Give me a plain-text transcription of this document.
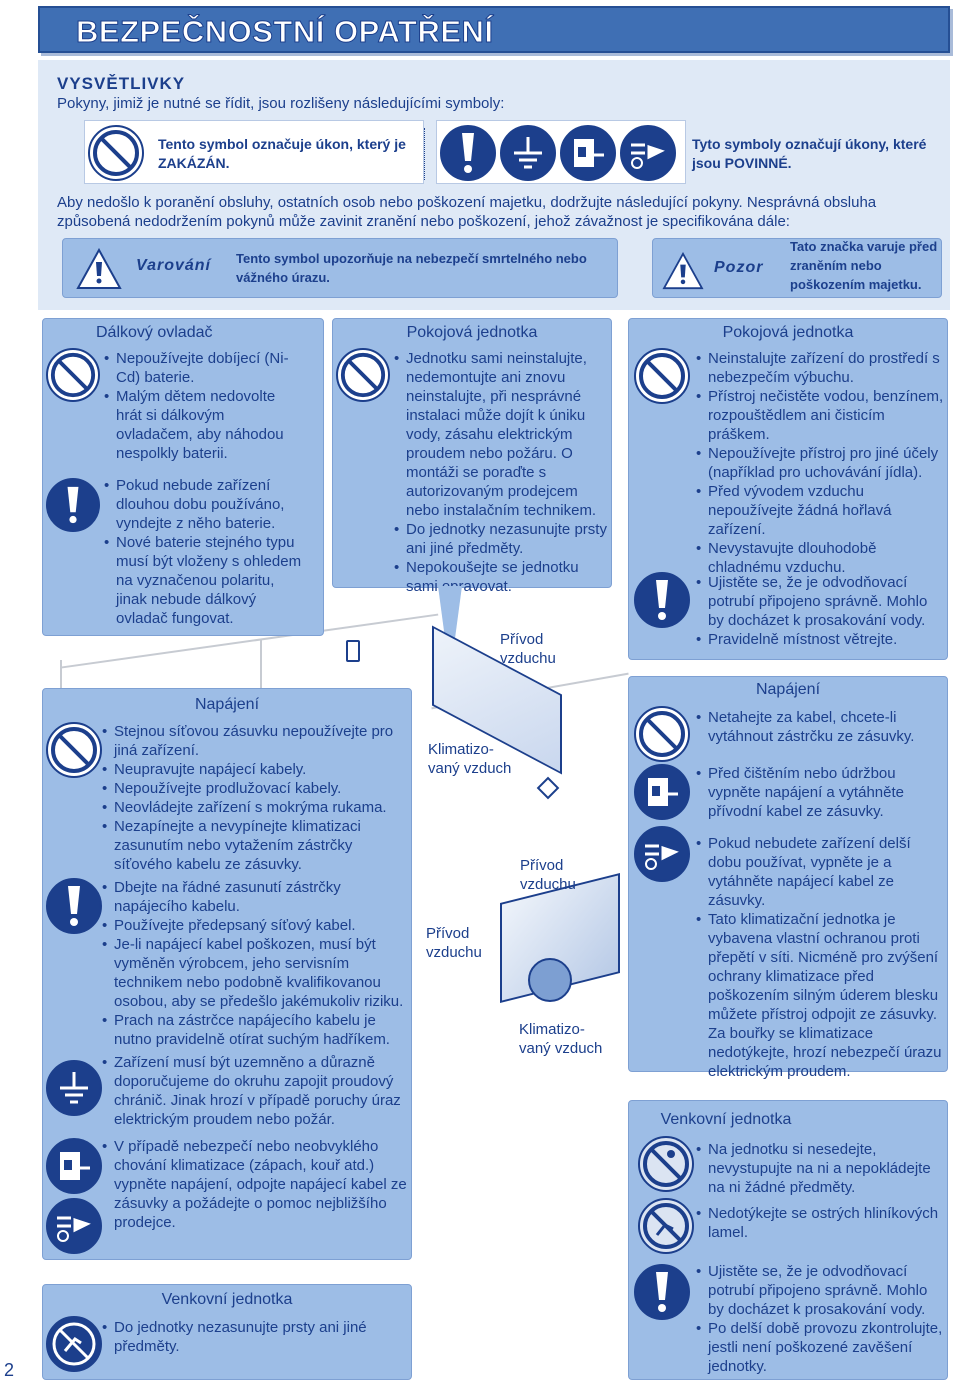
BEZPEČNOSTNÍ OPATŘENÍ
VYSVĚTLIVKY
Pokyny, jimiž je nutné se řídit, jsou rozlišeny následujícími symboly:
Tento symbol označuje úkon, který je ZAKÁZÁN.
Tyto symboly označují úkony, které jsou POVINNÉ.
Aby nedošlo k poranění obsluhy, ostatních osob nebo poškození majetku, dodržujte následující pokyny. Nesprávná obsluha způsobená nedodržením pokynů může zavinit zranění nebo poškození, jehož závažnost je specifikována dále:
Varování Tento symbol upozorňuje na nebezpečí smrtelného nebo vážného úrazu.
Pozor
Tato značka varuje před zraněním nebo poškozením majetku.
Dálkový ovladač
• Nepoužívejte dobíjecí (Ni-Cd) baterie.
• Malým dětem nedovolte hrát si dálkovým ovladačem, aby náhodou nespolkly baterii.
• Pokud nebude zařízení dlouhou dobu používáno, vyndejte z něho baterie.
• Nové baterie stejného typu musí být vloženy s ohledem na vyznačenou polaritu, jinak nebude dálkový ovladač fungovat.
Pokojová jednotka
• Jednotku sami neinstalujte, nedemontujte ani znovu neinstalujte, při nesprávné instalaci může dojít k úniku vody, zásahu elektrickým proudem nebo požáru. O montáži se poraďte s autorizovaným prodejcem nebo instalačním technikem.
• Do jednotky nezasunujte prsty ani jiné předměty.
• Nepokoušejte se jednotku sami opravovat.
Pokojová jednotka
• Neinstalujte zařízení do prostředí s nebezpečím výbuchu.
• Přístroj nečistěte vodou, benzínem, rozpouštědlem ani čisticím práškem.
• Nepoužívejte přístroj pro jiné účely (například pro uchovávání jídla).
• Před vývodem vzduchu nepoužívejte žádná hořlavá zařízení.
• Nevystavujte dlouhodobě chladnému vzduchu.
• Ujistěte se, že je odvodňovací potrubí připojeno správně. Mohlo by docházet k prosakování vody.
• Pravidelně místnost větrejte.
Napájení
• Stejnou síťovou zásuvku nepoužívejte pro jiná zařízení.
• Neupravujte napájecí kabely.
• Nepoužívejte prodlužovací kabely.
• Neovládejte zařízení s mokrýma rukama.
• Nezapínejte a nevypínejte klimatizaci zasunutím nebo vytažením zástrčky síťového kabelu ze zásuvky.
• Dbejte na řádné zasunutí zástrčky napájecího kabelu.
• Používejte předepsaný síťový kabel.
• Je-li napájecí kabel poškozen, musí být vyměněn výrobcem, jeho servisním technikem nebo podobně kvalifikovanou osobou, aby se předešlo jakémukoliv riziku.
• Prach na zástrčce napájecího kabelu je nutno pravidelně otírat suchým hadříkem.
• Zařízení musí být uzemněno a důrazně doporučujeme do okruhu zapojit proudový chránič. Jinak hrozí v případě poruchy úraz elektrickým proudem nebo požár.
• V případě nebezpečí nebo neobvyklého chování klimatizace (zápach, kouř atd.) vypněte napájení, odpojte napájecí kabel ze zásuvky a požádejte o pomoc nejbližšího prodejce.
Venkovní jednotka
• Do jednotky nezasunujte prsty ani jiné předměty.
Přívod vzduchu
Klimatizo-vaný vzduch
Přívod vzduchu
Přívod vzduchu
Klimatizo-vaný vzduch
Napájení
• Netahejte za kabel, chcete-li vytáhnout zástrčku ze zásuvky.
• Před čištěním nebo údržbou vypněte napájení a vytáhněte přívodní kabel ze zásuvky.
• Pokud nebudete zařízení delší dobu používat, vypněte je a vytáhněte napájecí kabel ze zásuvky.
• Tato klimatizační jednotka je vybavena vlastní ochranou proti přepětí v síti. Nicméně pro zvýšení ochrany klimatizace před poškozením silným úderem blesku můžete přístroj odpojit ze zásuvky. Za bouřky se klimatizace nedotýkejte, hrozí nebezpečí úrazu elektrickým proudem.
Venkovní jednotka
• Na jednotku si nesedejte, nevystupujte na ni a nepokládejte na ni žádné předměty.
• Nedotýkejte se ostrých hliníkových lamel.
• Ujistěte se, že je odvodňovací potrubí připojeno správně. Mohlo by docházet k prosakování vody.
• Po delší době provozu zkontrolujte, jestli není poškozené zavěšení jednotky.
2
